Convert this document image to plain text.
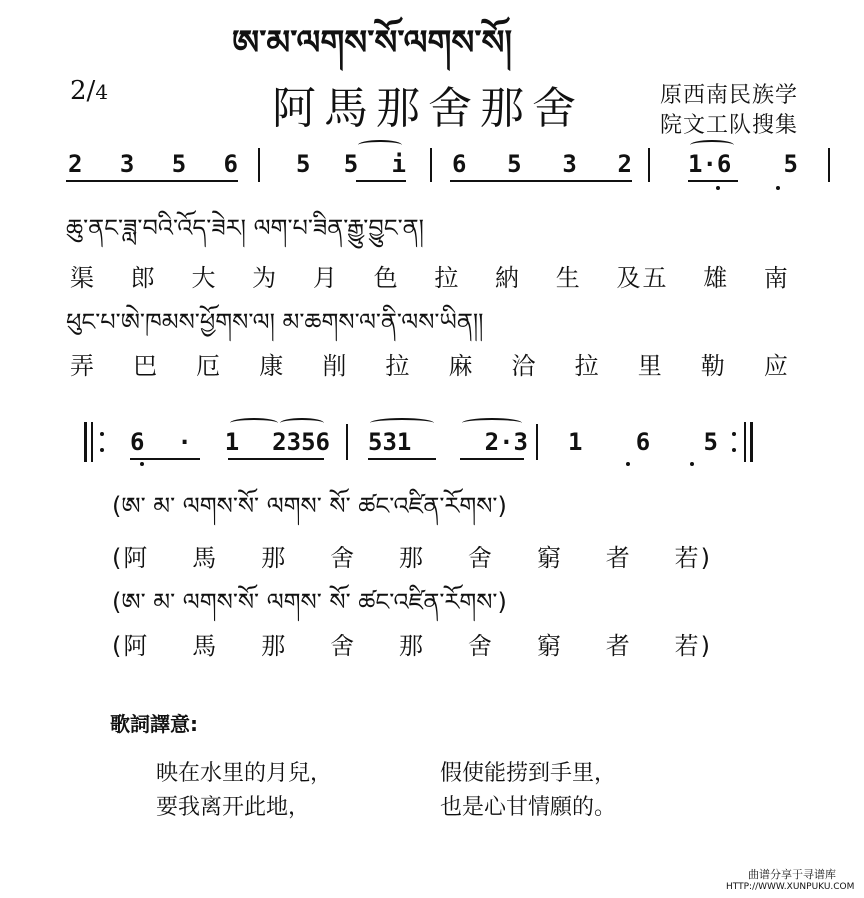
ཨ་མ་ལགས་སོ་ལགས་སོ།
2/4	阿馬那舍那舍	原西南民族学
院文工队搜集
2 3 5 6 5 5 i 6 5 3 2 1·6 5
ཆུ་ནང་ཟླ་བའི་འོད་ཟེར། ལག་པ་ཟིན་རྒྱུ་བྱུང་ན།
渠 郎 大 为 月 色 拉 納 生 及五 雄 南
ཕུང་པ་ཨེ་ཁམས་ཕྱོགས་ལ། མ་ཆགས་ལ་ནི་ལས་ཡིན།།
弄 巴 厄 康 削 拉 麻 洽 拉 里 勒 应
6 · 1 2356 531	2·3 1 6 5
(ཨ་ མ་ ལགས་སོ་ ལགས་ སོ་ ཚང་འཛིན་རོགས་)
(阿 馬 那 舍 那 舍 窮 者 若)
(ཨ་ མ་ ལགས་སོ་ ལགས་ སོ་ ཚང་འཛིན་རོགས་)
(阿 馬 那 舍 那 舍 窮 者 若)
歌詞譯意:
映在水里的月兒，	假使能捞到手里，
要我离开此地，	也是心甘情願的。
曲谱分享于寻谱库
HTTP://WWW.XUNPUKU.COM
